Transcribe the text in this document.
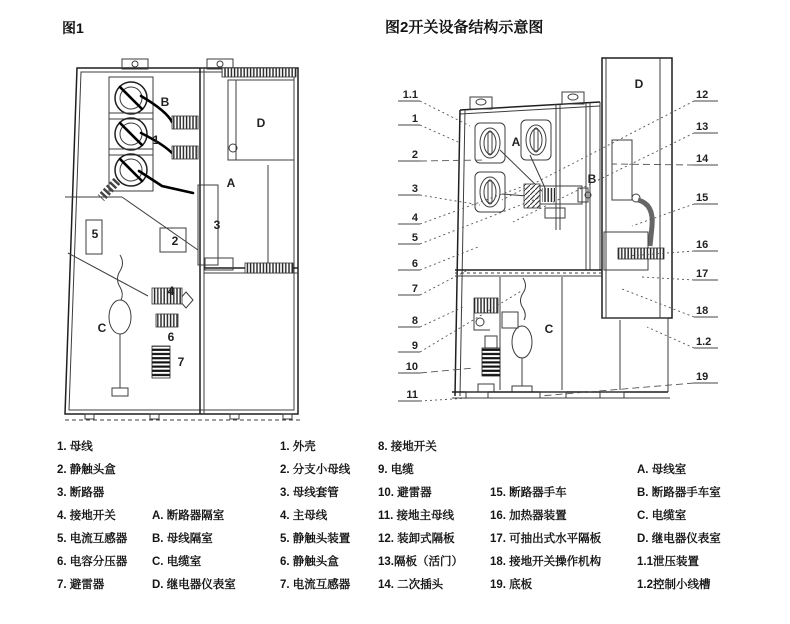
图1	图2开关设备结构示意图
B
1
D
A
3
2
5
4
C
6
7
A
B
C
D
1.1
1
2
3
4
5
6
7
8
9
10
11
12
13
14
15
16
17
18
1.2
19
1. 母线
2. 静触头盒
3. 断路器
4. 接地开关
5. 电流互感器
6. 电容分压器
7. 避雷器
A. 断路器隔室
B. 母线隔室
C. 电缆室
D. 继电器仪表室
1. 外壳
2. 分支小母线
3. 母线套管
4. 主母线
5. 静触头装置
6. 静触头盒
7. 电流互感器
8. 接地开关
9. 电缆
10. 避雷器
11. 接地主母线
12. 装卸式隔板
13.隔板（活门）
14. 二次插头
15. 断路器手车
16. 加热器装置
17. 可抽出式水平隔板
18. 接地开关操作机构
19. 底板
A. 母线室
B. 断路器手车室
C. 电缆室
D. 继电器仪表室
1.1泄压装置
1.2控制小线槽
